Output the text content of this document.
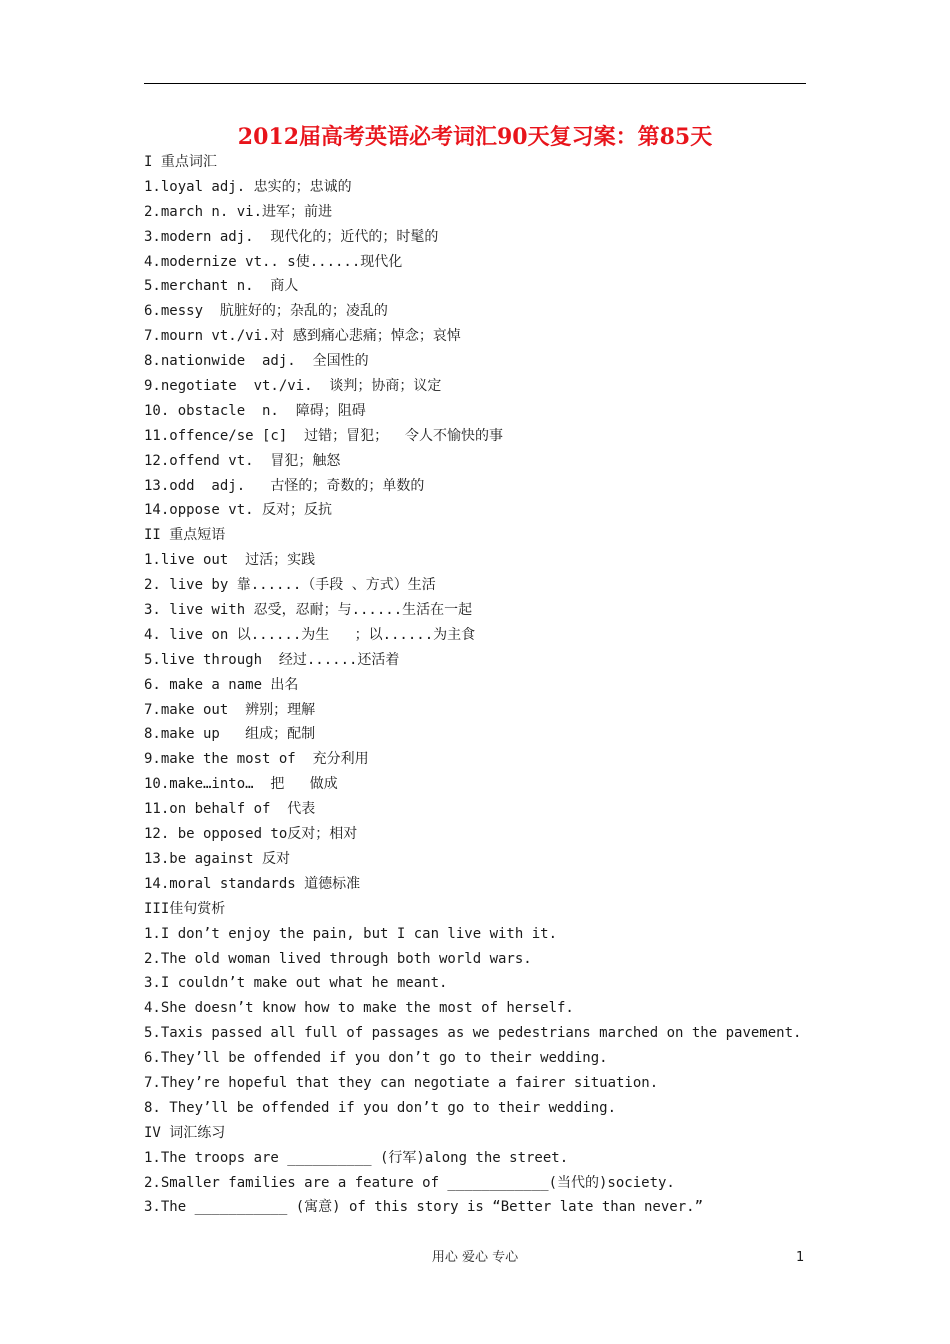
2012届高考英语必考词汇90天复习案：第85天
I 重点词汇
1.loyal adj. 忠实的；忠诚的
2.march n. vi.进军；前进
3.modern adj.  现代化的；近代的；时髦的
4.modernize vt.. s使......现代化
5.merchant n.  商人
6.messy  肮脏好的；杂乱的；凌乱的
7.mourn vt./vi.对 感到痛心悲痛；悼念；哀悼
8.nationwide  adj.  全国性的
9.negotiate  vt./vi.  谈判；协商；议定
10. obstacle  n.  障碍；阻碍
11.offence/se [c]  过错；冒犯；  令人不愉快的事
12.offend vt.  冒犯；触怒
13.odd  adj.   古怪的；奇数的；单数的
14.oppose vt. 反对；反抗
II 重点短语
1.live out  过活；实践
2. live by 靠......（手段 、方式）生活
3. live with 忍受，忍耐；与......生活在一起
4. live on 以......为生   ；以......为主食
5.live through  经过......还活着
6. make a name 出名
7.make out  辨别；理解
8.make up   组成；配制
9.make the most of  充分利用
10.make…into…  把   做成
11.on behalf of  代表
12. be opposed to反对；相对
13.be against 反对
14.moral standards 道德标准
III佳句赏析
1.I don’t enjoy the pain, but I can live with it.
2.The old woman lived through both world wars.
3.I couldn’t make out what he meant.
4.She doesn’t know how to make the most of herself.
5.Taxis passed all full of passages as we pedestrians marched on the pavement.
6.They’ll be offended if you don’t go to their wedding.
7.They’re hopeful that they can negotiate a fairer situation.
8. They’ll be offended if you don’t go to their wedding.
IV 词汇练习
1.The troops are __________ (行军)along the street.
2.Smaller families are a feature of ____________(当代的)society.
3.The ___________ (寓意) of this story is “Better late than never.”
用心 爱心 专心	1
